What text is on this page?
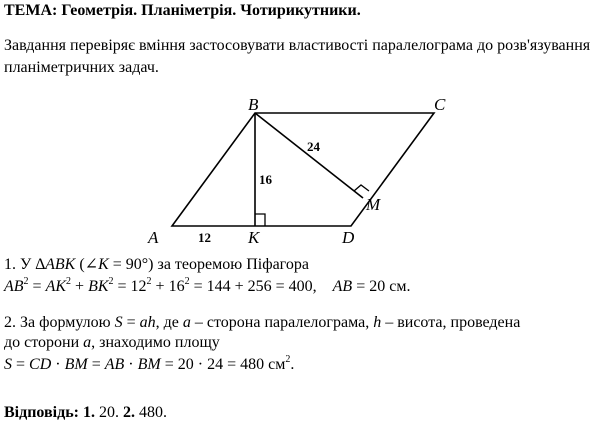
ТЕМА: Геометрія. Планіметрія. Чотирикутники.
Завдання перевіряє вміння застосовувати властивості паралелограма до розв'язування планіметричних задач.
A
B	C
D
K
M
12
16
24
1. У ∆ABK (∠K = 90°) за теоремою Піфагора
$AB^2 = AK^2 + BK^2 = 12^2 + 16^2 = 144 + 256 = 400$, AB = 20 см.
2. За формулою S = ah, де a – сторона паралелограма, h – висота, проведена
до сторони a, знаходимо площу
S = CD · BM = AB · BM = 20 · 24 = 480 $см^2$.
Відповідь: 1. 20. 2. 480.
